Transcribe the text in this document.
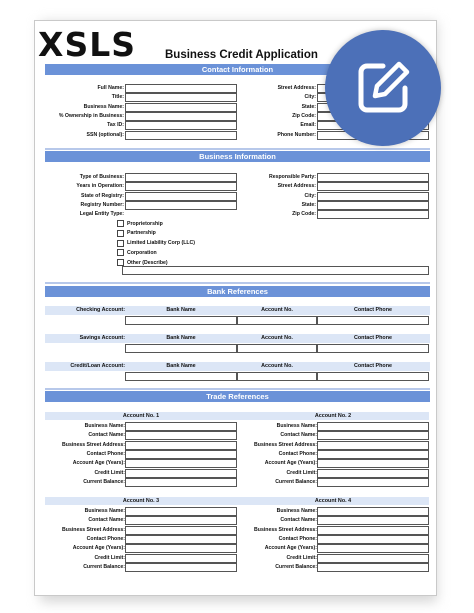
XSLS	Business Credit Application
Contact Information
Full Name:
Title:
Business Name:
% Ownership in Business:
Tax ID:
SSN (optional):
Street Address:
City:
State:
Zip Code:
Email:
Phone Number:
Business Information
Type of Business:
Years in Operation:
State of Registry:
Registry Number:
Legal Entity Type:
Responsible Party:
Street Address:
City:
State:
Zip Code:
Proprietorship
Partnership
Limited Liability Corp (LLC)
Corporation
Other (Describe)
Bank References
Checking Account:	Bank Name	Account No.	Contact Phone
Savings Account:	Bank Name	Account No.	Contact Phone
Credit/Loan Account:	Bank Name	Account No.	Contact Phone
Trade References
Account No. 1
Business Name:
Contact Name:
Business Street Address:
Contact Phone:
Account Age (Years):
Credit Limit:
Current Balance:
Account No. 2
Business Name:
Contact Name:
Business Street Address:
Contact Phone:
Account Age (Years):
Credit Limit:
Current Balance:
Account No. 3
Business Name:
Contact Name:
Business Street Address:
Contact Phone:
Account Age (Years):
Credit Limit:
Current Balance:
Account No. 4
Business Name:
Contact Name:
Business Street Address:
Contact Phone:
Account Age (Years):
Credit Limit:
Current Balance:
